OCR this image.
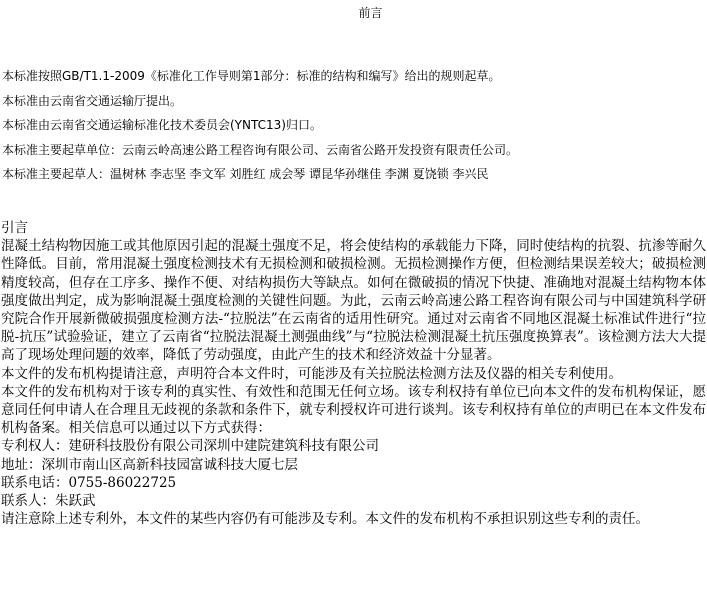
前言

本标准按照GB/T1.1-2009《标准化工作导则第1部分：标准的结构和编写》给出的规则起草。

本标准由云南省交通运输厅提出。

本标准由云南省交通运输标准化技术委员会(YNTC13)归口。

本标准主要起草单位：云南云岭高速公路工程咨询有限公司、云南省公路开发投资有限责任公司。

本标准主要起草人：温树林 李志坚 李文军 刘胜红 成会琴 谭昆华孙继佳 李渊 夏饶锁 李兴民

引言

混凝土结构物因施工或其他原因引起的混凝土强度不足，将会使结构的承载能力下降，同时使结构的抗裂、抗渗等耐久性降低。目前，常用混凝土强度检测技术有无损检测和破损检测。无损检测操作方便，但检测结果误差较大；破损检测精度较高，但存在工序多、操作不便、对结构损伤大等缺点。如何在微破损的情况下快捷、准确地对混凝土结构物本体强度做出判定，成为影响混凝土强度检测的关键性问题。为此，云南云岭高速公路工程咨询有限公司与中国建筑科学研究院合作开展新微破损强度检测方法-“拉脱法”在云南省的适用性研究。通过对云南省不同地区混凝土标准试件进行“拉脱-抗压”试验验证，建立了云南省“拉脱法混凝土测强曲线”与“拉脱法检测混凝土抗压强度换算表”。该检测方法大大提高了现场处理问题的效率，降低了劳动强度，由此产生的技术和经济效益十分显著。

本文件的发布机构提请注意，声明符合本文件时，可能涉及有关拉脱法检测方法及仪器的相关专利使用。

本文件的发布机构对于该专利的真实性、有效性和范围无任何立场。该专利权持有单位已向本文件的发布机构保证，愿意同任何申请人在合理且无歧视的条款和条件下，就专利授权许可进行谈判。该专利权持有单位的声明已在本文件发布机构备案。相关信息可以通过以下方式获得：

专利权人：建研科技股份有限公司深圳中建院建筑科技有限公司

地址：深圳市南山区高新科技园富诚科技大厦七层

联系电话：0755-86022725

联系人：朱跃武

请注意除上述专利外，本文件的某些内容仍有可能涉及专利。本文件的发布机构不承担识别这些专利的责任。
